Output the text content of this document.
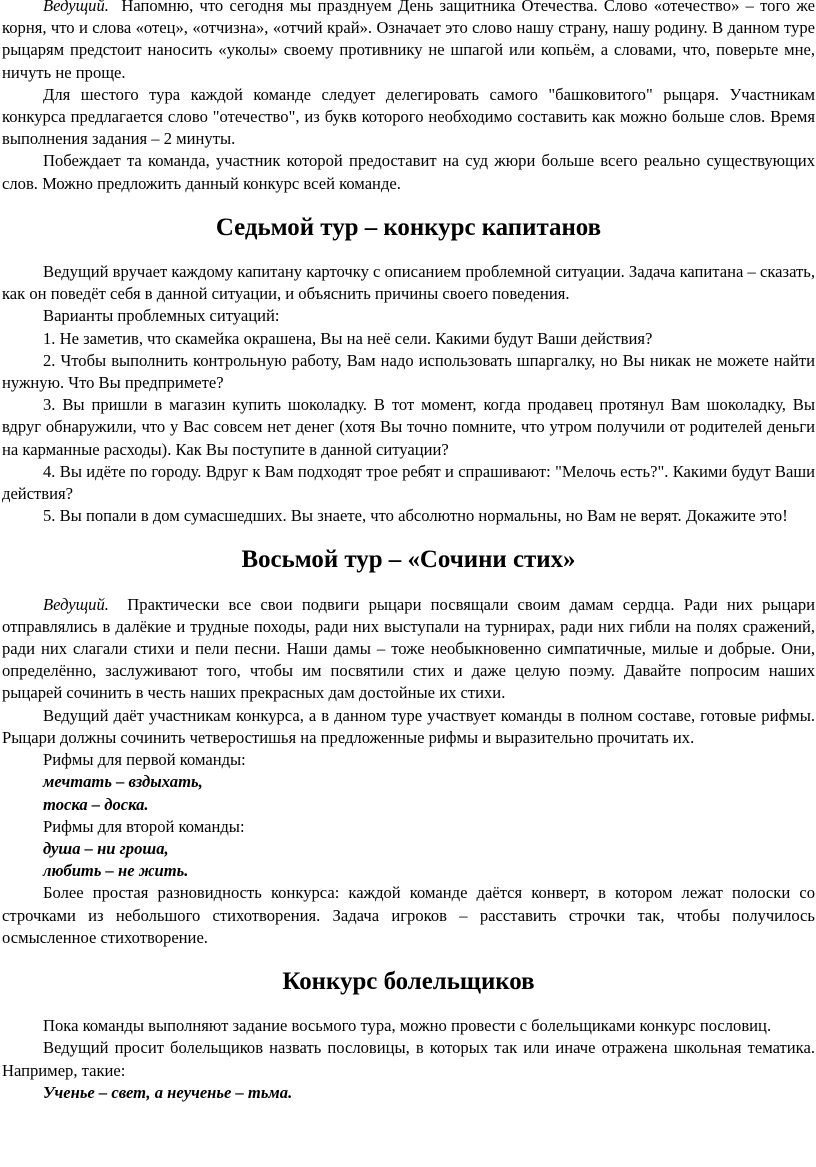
Ведущий. Напомню, что сегодня мы празднуем День защитника Отечества. Слово «отечество» – того же корня, что и слова «отец», «отчизна», «отчий край». Означает это слово нашу страну, нашу родину. В данном туре рыцарям предстоит наносить «уколы» своему противнику не шпагой или копьём, а словами, что, поверьте мне, ничуть не проще.

Для шестого тура каждой команде следует делегировать самого "башковитого" рыцаря. Участникам конкурса предлагается слово "отечество", из букв которого необходимо составить как можно больше слов. Время выполнения задания – 2 минуты.

Побеждает та команда, участник которой предоставит на суд жюри больше всего реально существующих слов. Можно предложить данный конкурс всей команде.

Седьмой тур – конкурс капитанов

Ведущий вручает каждому капитану карточку с описанием проблемной ситуации. Задача капитана – сказать, как он поведёт себя в данной ситуации, и объяснить причины своего поведения.

Варианты проблемных ситуаций:

1. Не заметив, что скамейка окрашена, Вы на неё сели. Какими будут Ваши действия?

2. Чтобы выполнить контрольную работу, Вам надо использовать шпаргалку, но Вы никак не можете найти нужную. Что Вы предпримете?

3. Вы пришли в магазин купить шоколадку. В тот момент, когда продавец протянул Вам шоколадку, Вы вдруг обнаружили, что у Вас совсем нет денег (хотя Вы точно помните, что утром получили от родителей деньги на карманные расходы). Как Вы поступите в данной ситуации?

4. Вы идёте по городу. Вдруг к Вам подходят трое ребят и спрашивают: "Мелочь есть?". Какими будут Ваши действия?

5. Вы попали в дом сумасшедших. Вы знаете, что абсолютно нормальны, но Вам не верят. Докажите это!

Восьмой тур – «Сочини стих»

Ведущий. Практически все свои подвиги рыцари посвящали своим дамам сердца. Ради них рыцари отправлялись в далёкие и трудные походы, ради них выступали на турнирах, ради них гибли на полях сражений, ради них слагали стихи и пели песни. Наши дамы – тоже необыкновенно симпатичные, милые и добрые. Они, определённо, заслуживают того, чтобы им посвятили стих и даже целую поэму. Давайте попросим наших рыцарей сочинить в честь наших прекрасных дам достойные их стихи.

Ведущий даёт участникам конкурса, а в данном туре участвует команды в полном составе, готовые рифмы. Рыцари должны сочинить четверостишья на предложенные рифмы и выразительно прочитать их.

Рифмы для первой команды:

мечтать – вздыхать,

тоска – доска.

Рифмы для второй команды:

душа – ни гроша,

любить – не жить.

Более простая разновидность конкурса: каждой команде даётся конверт, в котором лежат полоски со строчками из небольшого стихотворения. Задача игроков – расставить строчки так, чтобы получилось осмысленное стихотворение.

Конкурс болельщиков

Пока команды выполняют задание восьмого тура, можно провести с болельщиками конкурс пословиц.

Ведущий просит болельщиков назвать пословицы, в которых так или иначе отражена школьная тематика. Например, такие:

Ученье – свет, а неученье – тьма.
